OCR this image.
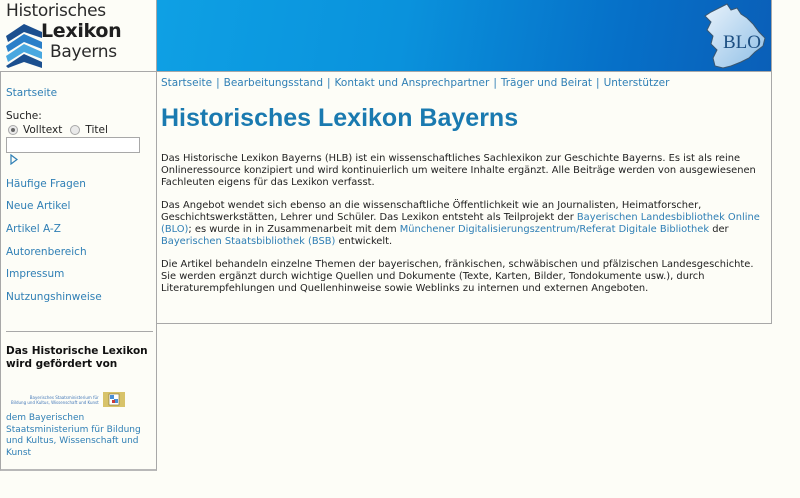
Historisches
Lexikon
Bayerns	BLO
Startseite
Suche:
Volltext Titel
Häufige Fragen
Neue Artikel
Artikel A-Z
Autorenbereich
Impressum
Nutzungshinweise
Das Historische Lexikon wird gefördert von
Bayerisches Staatsministerium für
Bildung und Kultus, Wissenschaft und Kunst
dem Bayerischen Staatsministerium für Bildung und Kultus, Wissenschaft und Kunst
Startseite | Bearbeitungsstand | Kontakt und Ansprechpartner | Träger und Beirat | Unterstützer
Historisches Lexikon Bayerns

Das Historische Lexikon Bayerns (HLB) ist ein wissenschaftliches Sachlexikon zur Geschichte Bayerns. Es ist als reine Onlineressource konzipiert und wird kontinuierlich um weitere Inhalte ergänzt. Alle Beiträge werden von ausgewiesenen Fachleuten eigens für das Lexikon verfasst.

Das Angebot wendet sich ebenso an die wissenschaftliche Öffentlichkeit wie an Journalisten, Heimatforscher, Geschichtswerkstätten, Lehrer und Schüler. Das Lexikon entsteht als Teilprojekt der Bayerischen Landesbibliothek Online (BLO); es wurde in in Zusammenarbeit mit dem Münchener Digitalisierungszentrum/Referat Digitale Bibliothek der Bayerischen Staatsbibliothek (BSB) entwickelt.

Die Artikel behandeln einzelne Themen der bayerischen, fränkischen, schwäbischen und pfälzischen Landesgeschichte. Sie werden ergänzt durch wichtige Quellen und Dokumente (Texte, Karten, Bilder, Tondokumente usw.), durch Literaturempfehlungen und Quellenhinweise sowie Weblinks zu internen und externen Angeboten.
